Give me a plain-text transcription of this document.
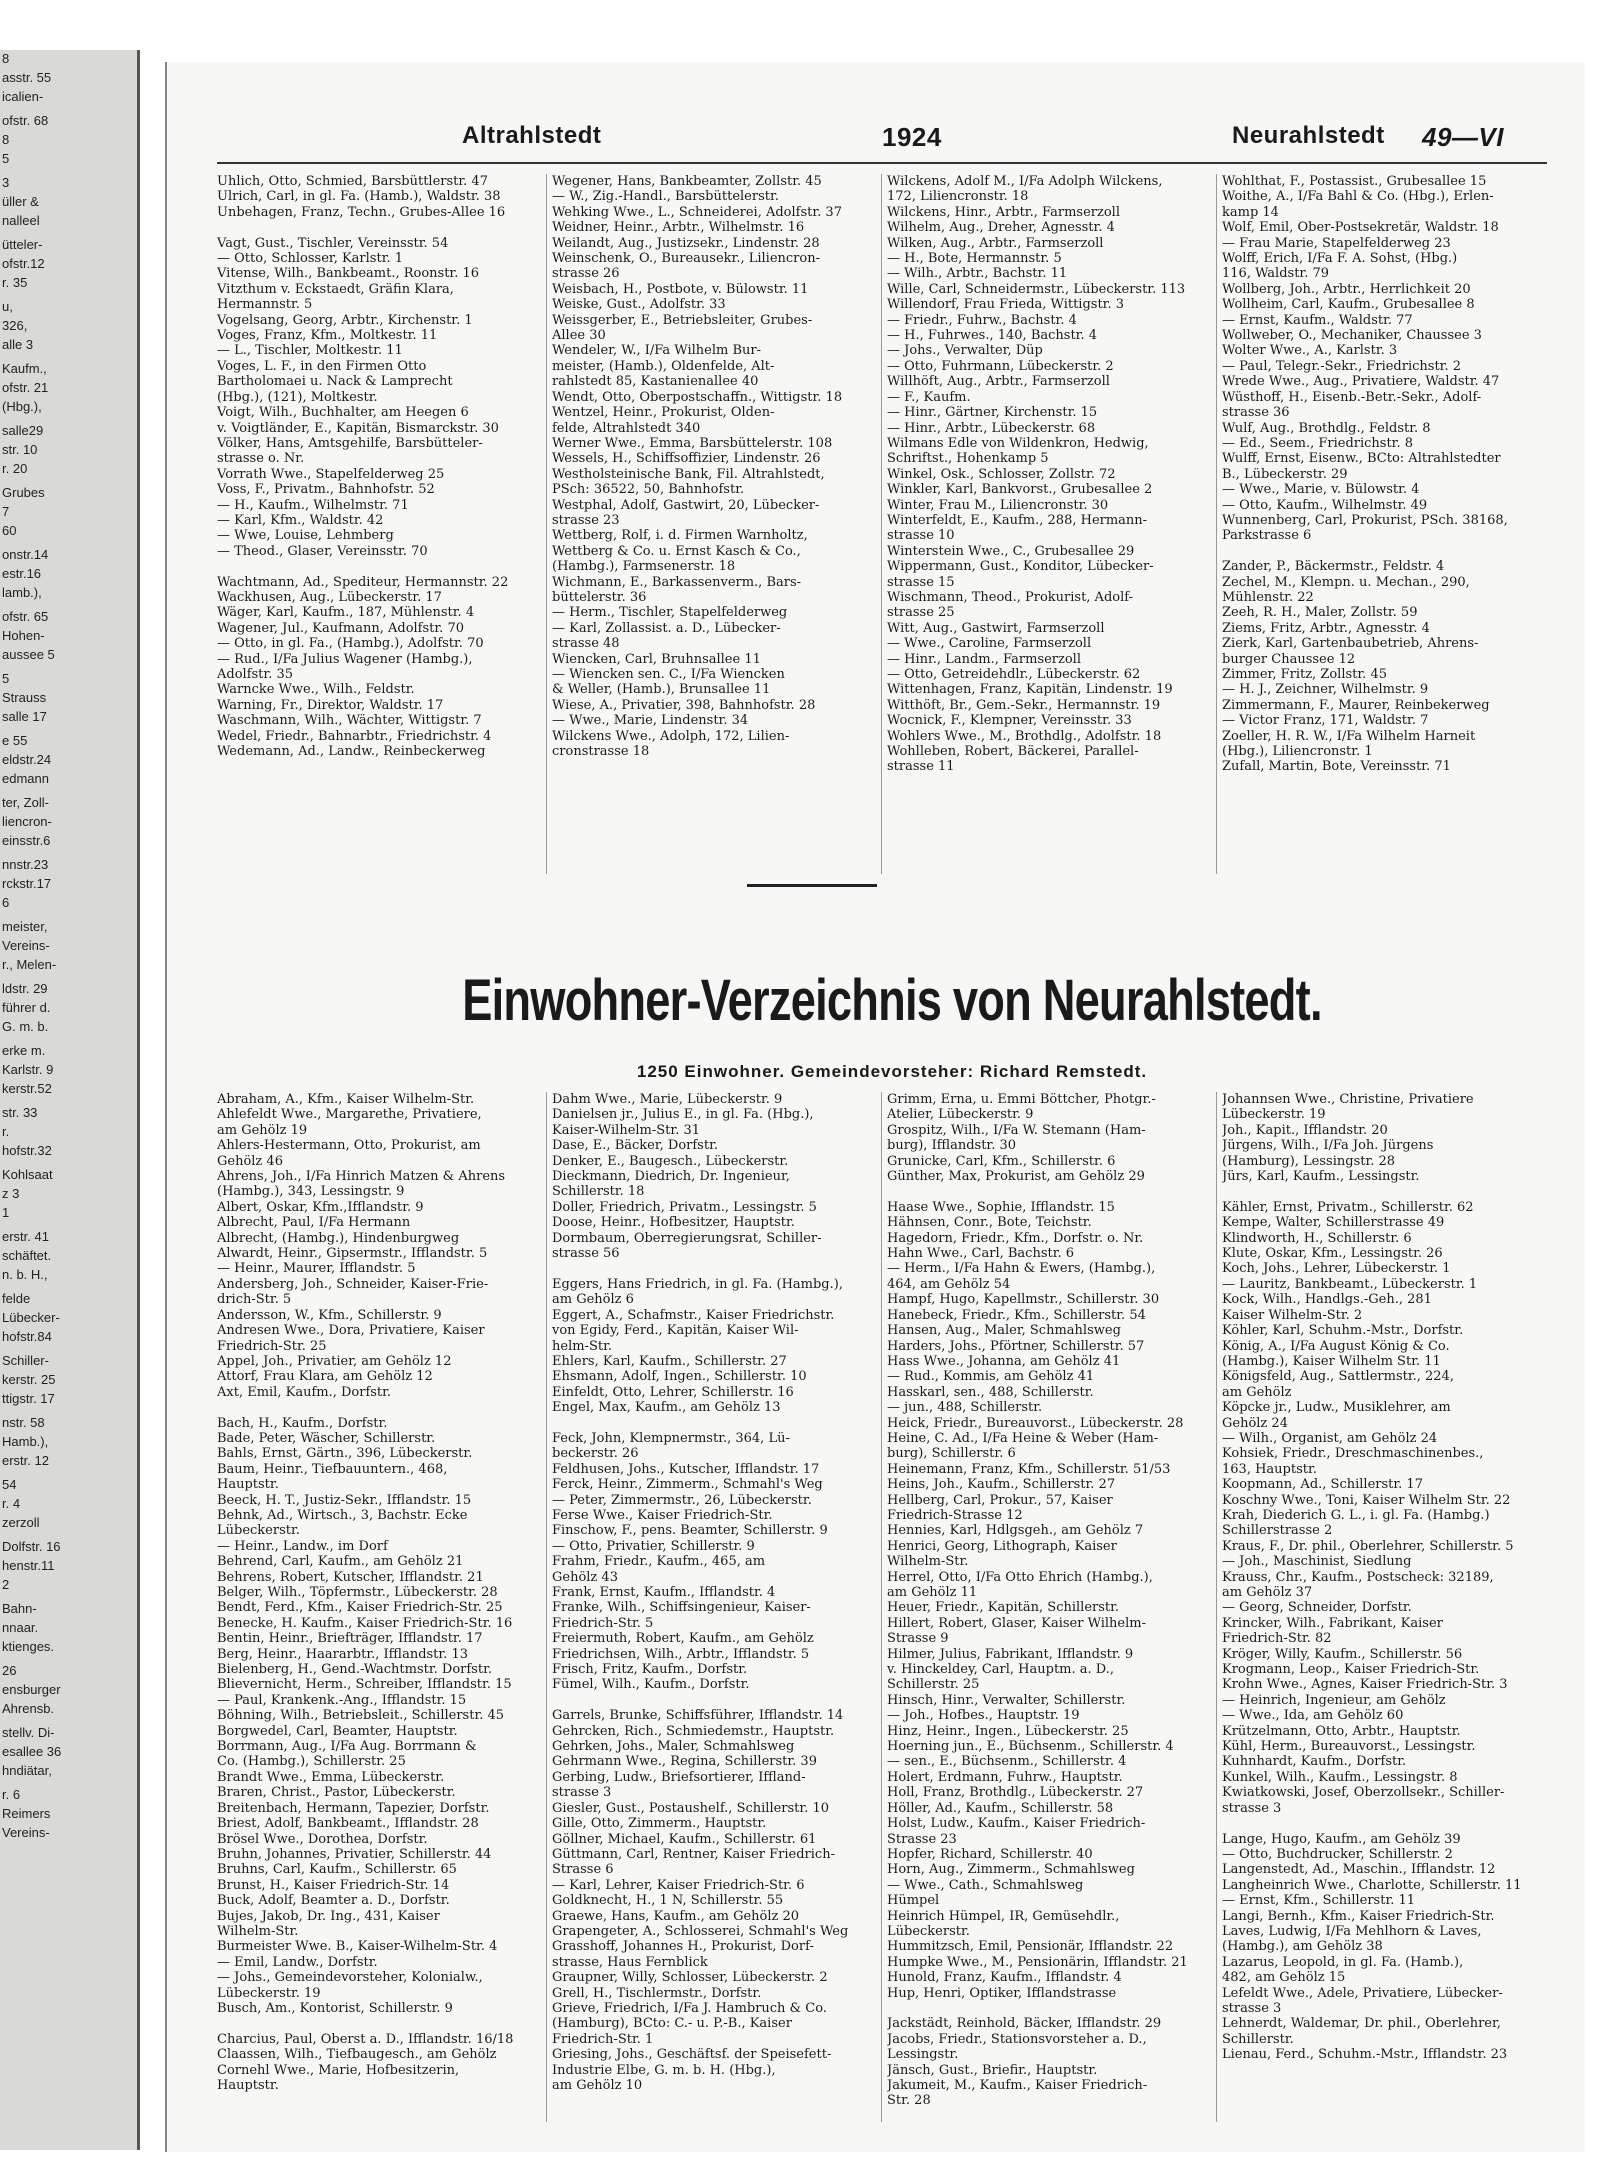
8
asstr. 55
icalien-
ofstr. 68
8
5
3
üller &
nalleel
ütteler-
ofstr.12
r. 35
u,
326,
alle 3
Kaufm.,
ofstr. 21
(Hbg.),
salle29
str. 10
r. 20
Grubes
7
60
onstr.14
estr.16
lamb.),
ofstr. 65
Hohen-
aussee 5
5
Strauss
salle 17
e 55
eldstr.24
edmann
ter, Zoll-
liencron-
einsstr.6
nnstr.23
rckstr.17
6
meister,
Vereins-
r., Melen-
ldstr. 29
führer d.
G. m. b.
erke m.
Karlstr. 9
kerstr.52
str. 33
r.
hofstr.32
Kohlsaat
z 3
1
erstr. 41
schäftet.
n. b. H.,
felde
Lübecker-
hofstr.84
Schiller-
kerstr. 25
ttigstr. 17
nstr. 58
Hamb.),
erstr. 12
54
r. 4
zerzoll
Dolfstr. 16
henstr.11
2
Bahn-
nnaar.
ktienges.
26
ensburger
Ahrensb.
stellv. Di-
esallee 36
hndiätar,
r. 6
Reimers
Vereins-
Altrahlstedt	1924	Neurahlstedt 49—VI
Uhlich, Otto, Schmied, Barsbüttlerstr. 47
Ulrich, Carl, in gl. Fa. (Hamb.), Waldstr. 38
Unbehagen, Franz, Techn., Grubes-Allee 16

Vagt, Gust., Tischler, Vereinsstr. 54
— Otto, Schlosser, Karlstr. 1
Vitense, Wilh., Bankbeamt., Roonstr. 16
Vitzthum v. Eckstaedt, Gräfin Klara,
Hermannstr. 5
Vogelsang, Georg, Arbtr., Kirchenstr. 1
Voges, Franz, Kfm., Moltkestr. 11
— L., Tischler, Moltkestr. 11
Voges, L. F., in den Firmen Otto
Bartholomaei u. Nack & Lamprecht
(Hbg.), (121), Moltkestr.
Voigt, Wilh., Buchhalter, am Heegen 6
v. Voigtländer, E., Kapitän, Bismarckstr. 30
Völker, Hans, Amtsgehilfe, Barsbütteler-
strasse o. Nr.
Vorrath Wwe., Stapelfelderweg 25
Voss, F., Privatm., Bahnhofstr. 52
— H., Kaufm., Wilhelmstr. 71
— Karl, Kfm., Waldstr. 42
— Wwe, Louise, Lehmberg
— Theod., Glaser, Vereinsstr. 70

Wachtmann, Ad., Spediteur, Hermannstr. 22
Wackhusen, Aug., Lübeckerstr. 17
Wäger, Karl, Kaufm., 187, Mühlenstr. 4
Wagener, Jul., Kaufmann, Adolfstr. 70
— Otto, in gl. Fa., (Hambg.), Adolfstr. 70
— Rud., I/Fa Julius Wagener (Hambg.),
Adolfstr. 35
Warncke Wwe., Wilh., Feldstr.
Warning, Fr., Direktor, Waldstr. 17
Waschmann, Wilh., Wächter, Wittigstr. 7
Wedel, Friedr., Bahnarbtr., Friedrichstr. 4
Wedemann, Ad., Landw., Reinbeckerweg
Wegener, Hans, Bankbeamter, Zollstr. 45
— W., Zig.-Handl., Barsbüttelerstr.
Wehking Wwe., L., Schneiderei, Adolfstr. 37
Weidner, Heinr., Arbtr., Wilhelmstr. 16
Weilandt, Aug., Justizsekr., Lindenstr. 28
Weinschenk, O., Bureausekr., Liliencron-
strasse 26
Weisbach, H., Postbote, v. Bülowstr. 11
Weiske, Gust., Adolfstr. 33
Weissgerber, E., Betriebsleiter, Grubes-
Allee 30
Wendeler, W., I/Fa Wilhelm Bur-
meister, (Hamb.), Oldenfelde, Alt-
rahlstedt 85, Kastanienallee 40
Wendt, Otto, Oberpostschaffn., Wittigstr. 18
Wentzel, Heinr., Prokurist, Olden-
felde, Altrahlstedt 340
Werner Wwe., Emma, Barsbüttelerstr. 108
Wessels, H., Schiffsoffizier, Lindenstr. 26
Westholsteinische Bank, Fil. Altrahlstedt,
PSch: 36522, 50, Bahnhofstr.
Westphal, Adolf, Gastwirt, 20, Lübecker-
strasse 23
Wettberg, Rolf, i. d. Firmen Warnholtz,
Wettberg & Co. u. Ernst Kasch & Co.,
(Hambg.), Farmsenerstr. 18
Wichmann, E., Barkassenverm., Bars-
büttelerstr. 36
— Herm., Tischler, Stapelfelderweg
— Karl, Zollassist. a. D., Lübecker-
strasse 48
Wiencken, Carl, Bruhnsallee 11
— Wiencken sen. C., I/Fa Wiencken
& Weller, (Hamb.), Brunsallee 11
Wiese, A., Privatier, 398, Bahnhofstr. 28
— Wwe., Marie, Lindenstr. 34
Wilckens Wwe., Adolph, 172, Lilien-
cronstrasse 18
Wilckens, Adolf M., I/Fa Adolph Wilckens,
172, Liliencronstr. 18
Wilckens, Hinr., Arbtr., Farmserzoll
Wilhelm, Aug., Dreher, Agnesstr. 4
Wilken, Aug., Arbtr., Farmserzoll
— H., Bote, Hermannstr. 5
— Wilh., Arbtr., Bachstr. 11
Wille, Carl, Schneidermstr., Lübeckerstr. 113
Willendorf, Frau Frieda, Wittigstr. 3
— Friedr., Fuhrw., Bachstr. 4
— H., Fuhrwes., 140, Bachstr. 4
— Johs., Verwalter, Düp
— Otto, Fuhrmann, Lübeckerstr. 2
Willhöft, Aug., Arbtr., Farmserzoll
— F., Kaufm.
— Hinr., Gärtner, Kirchenstr. 15
— Hinr., Arbtr., Lübeckerstr. 68
Wilmans Edle von Wildenkron, Hedwig,
Schriftst., Hohenkamp 5
Winkel, Osk., Schlosser, Zollstr. 72
Winkler, Karl, Bankvorst., Grubesallee 2
Winter, Frau M., Liliencronstr. 30
Winterfeldt, E., Kaufm., 288, Hermann-
strasse 10
Winterstein Wwe., C., Grubesallee 29
Wippermann, Gust., Konditor, Lübecker-
strasse 15
Wischmann, Theod., Prokurist, Adolf-
strasse 25
Witt, Aug., Gastwirt, Farmserzoll
— Wwe., Caroline, Farmserzoll
— Hinr., Landm., Farmserzoll
— Otto, Getreidehdlr., Lübeckerstr. 62
Wittenhagen, Franz, Kapitän, Lindenstr. 19
Witthöft, Br., Gem.-Sekr., Hermannstr. 19
Wocnick, F., Klempner, Vereinsstr. 33
Wohlers Wwe., M., Brothdlg., Adolfstr. 18
Wohlleben, Robert, Bäckerei, Parallel-
strasse 11
Wohlthat, F., Postassist., Grubesallee 15
Woithe, A., I/Fa Bahl & Co. (Hbg.), Erlen-
kamp 14
Wolf, Emil, Ober-Postsekretär, Waldstr. 18
— Frau Marie, Stapelfelderweg 23
Wolff, Erich, I/Fa F. A. Sohst, (Hbg.)
116, Waldstr. 79
Wollberg, Joh., Arbtr., Herrlichkeit 20
Wollheim, Carl, Kaufm., Grubesallee 8
— Ernst, Kaufm., Waldstr. 77
Wollweber, O., Mechaniker, Chaussee 3
Wolter Wwe., A., Karlstr. 3
— Paul, Telegr.-Sekr., Friedrichstr. 2
Wrede Wwe., Aug., Privatiere, Waldstr. 47
Wüsthoff, H., Eisenb.-Betr.-Sekr., Adolf-
strasse 36
Wulf, Aug., Brothdlg., Feldstr. 8
— Ed., Seem., Friedrichstr. 8
Wulff, Ernst, Eisenw., BCto: Altrahlstedter
B., Lübeckerstr. 29
— Wwe., Marie, v. Bülowstr. 4
— Otto, Kaufm., Wilhelmstr. 49
Wunnenberg, Carl, Prokurist, PSch. 38168,
Parkstrasse 6

Zander, P., Bäckermstr., Feldstr. 4
Zechel, M., Klempn. u. Mechan., 290,
Mühlenstr. 22
Zeeh, R. H., Maler, Zollstr. 59
Ziems, Fritz, Arbtr., Agnesstr. 4
Zierk, Karl, Gartenbaubetrieb, Ahrens-
burger Chaussee 12
Zimmer, Fritz, Zollstr. 45
— H. J., Zeichner, Wilhelmstr. 9
Zimmermann, F., Maurer, Reinbekerweg
— Victor Franz, 171, Waldstr. 7
Zoeller, H. R. W., I/Fa Wilhelm Harneit
(Hbg.), Liliencronstr. 1
Zufall, Martin, Bote, Vereinsstr. 71
Einwohner-Verzeichnis von Neurahlstedt.
1250 Einwohner. Gemeindevorsteher: Richard Remstedt.
Abraham, A., Kfm., Kaiser Wilhelm-Str.
Ahlefeldt Wwe., Margarethe, Privatiere,
am Gehölz 19
Ahlers-Hestermann, Otto, Prokurist, am
Gehölz 46
Ahrens, Joh., I/Fa Hinrich Matzen & Ahrens
(Hambg.), 343, Lessingstr. 9
Albert, Oskar, Kfm.,Ifflandstr. 9
Albrecht, Paul, I/Fa Hermann
Albrecht, (Hambg.), Hindenburgweg
Alwardt, Heinr., Gipsermstr., Ifflandstr. 5
— Heinr., Maurer, Ifflandstr. 5
Andersberg, Joh., Schneider, Kaiser-Frie-
drich-Str. 5
Andersson, W., Kfm., Schillerstr. 9
Andresen Wwe., Dora, Privatiere, Kaiser
Friedrich-Str. 25
Appel, Joh., Privatier, am Gehölz 12
Attorf, Frau Klara, am Gehölz 12
Axt, Emil, Kaufm., Dorfstr.

Bach, H., Kaufm., Dorfstr.
Bade, Peter, Wäscher, Schillerstr.
Bahls, Ernst, Gärtn., 396, Lübeckerstr.
Baum, Heinr., Tiefbauuntern., 468,
Hauptstr.
Beeck, H. T., Justiz-Sekr., Ifflandstr. 15
Behnk, Ad., Wirtsch., 3, Bachstr. Ecke
Lübeckerstr.
— Heinr., Landw., im Dorf
Behrend, Carl, Kaufm., am Gehölz 21
Behrens, Robert, Kutscher, Ifflandstr. 21
Belger, Wilh., Töpfermstr., Lübeckerstr. 28
Bendt, Ferd., Kfm., Kaiser Friedrich-Str. 25
Benecke, H. Kaufm., Kaiser Friedrich-Str. 16
Bentin, Heinr., Briefträger, Ifflandstr. 17
Berg, Heinr., Haararbtr., Ifflandstr. 13
Bielenberg, H., Gend.-Wachtmstr. Dorfstr.
Blievernicht, Herm., Schreiber, Ifflandstr. 15
— Paul, Krankenk.-Ang., Ifflandstr. 15
Böhning, Wilh., Betriebsleit., Schillerstr. 45
Borgwedel, Carl, Beamter, Hauptstr.
Borrmann, Aug., I/Fa Aug. Borrmann &
Co. (Hambg.), Schillerstr. 25
Brandt Wwe., Emma, Lübeckerstr.
Braren, Christ., Pastor, Lübeckerstr.
Breitenbach, Hermann, Tapezier, Dorfstr.
Briest, Adolf, Bankbeamt., Ifflandstr. 28
Brösel Wwe., Dorothea, Dorfstr.
Bruhn, Johannes, Privatier, Schillerstr. 44
Bruhns, Carl, Kaufm., Schillerstr. 65
Brunst, H., Kaiser Friedrich-Str. 14
Buck, Adolf, Beamter a. D., Dorfstr.
Bujes, Jakob, Dr. Ing., 431, Kaiser
Wilhelm-Str.
Burmeister Wwe. B., Kaiser-Wilhelm-Str. 4
— Emil, Landw., Dorfstr.
— Johs., Gemeindevorsteher, Kolonialw.,
Lübeckerstr. 19
Busch, Am., Kontorist, Schillerstr. 9

Charcius, Paul, Oberst a. D., Ifflandstr. 16/18
Claassen, Wilh., Tiefbaugesch., am Gehölz
Cornehl Wwe., Marie, Hofbesitzerin,
Hauptstr.
Dahm Wwe., Marie, Lübeckerstr. 9
Danielsen jr., Julius E., in gl. Fa. (Hbg.),
Kaiser-Wilhelm-Str. 31
Dase, E., Bäcker, Dorfstr.
Denker, E., Baugesch., Lübeckerstr.
Dieckmann, Diedrich, Dr. Ingenieur,
Schillerstr. 18
Doller, Friedrich, Privatm., Lessingstr. 5
Doose, Heinr., Hofbesitzer, Hauptstr.
Dormbaum, Oberregierungsrat, Schiller-
strasse 56

Eggers, Hans Friedrich, in gl. Fa. (Hambg.),
am Gehölz 6
Eggert, A., Schafmstr., Kaiser Friedrichstr.
von Egidy, Ferd., Kapitän, Kaiser Wil-
helm-Str.
Ehlers, Karl, Kaufm., Schillerstr. 27
Ehsmann, Adolf, Ingen., Schillerstr. 10
Einfeldt, Otto, Lehrer, Schillerstr. 16
Engel, Max, Kaufm., am Gehölz 13

Feck, John, Klempnermstr., 364, Lü-
beckerstr. 26
Feldhusen, Johs., Kutscher, Ifflandstr. 17
Ferck, Heinr., Zimmerm., Schmahl's Weg
— Peter, Zimmermstr., 26, Lübeckerstr.
Ferse Wwe., Kaiser Friedrich-Str.
Finschow, F., pens. Beamter, Schillerstr. 9
— Otto, Privatier, Schillerstr. 9
Frahm, Friedr., Kaufm., 465, am
Gehölz 43
Frank, Ernst, Kaufm., Ifflandstr. 4
Franke, Wilh., Schiffsingenieur, Kaiser-
Friedrich-Str. 5
Freiermuth, Robert, Kaufm., am Gehölz
Friedrichsen, Wilh., Arbtr., Ifflandstr. 5
Frisch, Fritz, Kaufm., Dorfstr.
Fümel, Wilh., Kaufm., Dorfstr.

Garrels, Brunke, Schiffsführer, Ifflandstr. 14
Gehrcken, Rich., Schmiedemstr., Hauptstr.
Gehrken, Johs., Maler, Schmahlsweg
Gehrmann Wwe., Regina, Schillerstr. 39
Gerbing, Ludw., Briefsortierer, Iffland-
strasse 3
Giesler, Gust., Postaushelf., Schillerstr. 10
Gille, Otto, Zimmerm., Hauptstr.
Göllner, Michael, Kaufm., Schillerstr. 61
Güttmann, Carl, Rentner, Kaiser Friedrich-
Strasse 6
— Karl, Lehrer, Kaiser Friedrich-Str. 6
Goldknecht, H., 1 N, Schillerstr. 55
Graewe, Hans, Kaufm., am Gehölz 20
Grapengeter, A., Schlosserei, Schmahl's Weg
Grasshoff, Johannes H., Prokurist, Dorf-
strasse, Haus Fernblick
Graupner, Willy, Schlosser, Lübeckerstr. 2
Grell, H., Tischlermstr., Dorfstr.
Grieve, Friedrich, I/Fa J. Hambruch & Co.
(Hamburg), BCto: C.- u. P.-B., Kaiser
Friedrich-Str. 1
Griesing, Johs., Geschäftsf. der Speisefett-
Industrie Elbe, G. m. b. H. (Hbg.),
am Gehölz 10
Grimm, Erna, u. Emmi Böttcher, Photgr.-
Atelier, Lübeckerstr. 9
Grospitz, Wilh., I/Fa W. Stemann (Ham-
burg), Ifflandstr. 30
Grunicke, Carl, Kfm., Schillerstr. 6
Günther, Max, Prokurist, am Gehölz 29

Haase Wwe., Sophie, Ifflandstr. 15
Hähnsen, Conr., Bote, Teichstr.
Hagedorn, Friedr., Kfm., Dorfstr. o. Nr.
Hahn Wwe., Carl, Bachstr. 6
— Herm., I/Fa Hahn & Ewers, (Hambg.),
464, am Gehölz 54
Hampf, Hugo, Kapellmstr., Schillerstr. 30
Hanebeck, Friedr., Kfm., Schillerstr. 54
Hansen, Aug., Maler, Schmahlsweg
Harders, Johs., Pförtner, Schillerstr. 57
Hass Wwe., Johanna, am Gehölz 41
— Rud., Kommis, am Gehölz 41
Hasskarl, sen., 488, Schillerstr.
— jun., 488, Schillerstr.
Heick, Friedr., Bureauvorst., Lübeckerstr. 28
Heine, C. Ad., I/Fa Heine & Weber (Ham-
burg), Schillerstr. 6
Heinemann, Franz, Kfm., Schillerstr. 51/53
Heins, Joh., Kaufm., Schillerstr. 27
Hellberg, Carl, Prokur., 57, Kaiser
Friedrich-Strasse 12
Hennies, Karl, Hdlgsgeh., am Gehölz 7
Henrici, Georg, Lithograph, Kaiser
Wilhelm-Str.
Herrel, Otto, I/Fa Otto Ehrich (Hambg.),
am Gehölz 11
Heuer, Friedr., Kapitän, Schillerstr.
Hillert, Robert, Glaser, Kaiser Wilhelm-
Strasse 9
Hilmer, Julius, Fabrikant, Ifflandstr. 9
v. Hinckeldey, Carl, Hauptm. a. D.,
Schillerstr. 25
Hinsch, Hinr., Verwalter, Schillerstr.
— Joh., Hofbes., Hauptstr. 19
Hinz, Heinr., Ingen., Lübeckerstr. 25
Hoerning jun., E., Büchsenm., Schillerstr. 4
— sen., E., Büchsenm., Schillerstr. 4
Holert, Erdmann, Fuhrw., Hauptstr.
Holl, Franz, Brothdlg., Lübeckerstr. 27
Höller, Ad., Kaufm., Schillerstr. 58
Holst, Ludw., Kaufm., Kaiser Friedrich-
Strasse 23
Hopfer, Richard, Schillerstr. 40
Horn, Aug., Zimmerm., Schmahlsweg
— Wwe., Cath., Schmahlsweg
Hümpel
Heinrich Hümpel, IR, Gemüsehdlr.,
Lübeckerstr.
Hummitzsch, Emil, Pensionär, Ifflandstr. 22
Humpke Wwe., M., Pensionärin, Ifflandstr. 21
Hunold, Franz, Kaufm., Ifflandstr. 4
Hup, Henri, Optiker, Ifflandstrasse

Jackstädt, Reinhold, Bäcker, Ifflandstr. 29
Jacobs, Friedr., Stationsvorsteher a. D.,
Lessingstr.
Jänsch, Gust., Briefir., Hauptstr.
Jakumeit, M., Kaufm., Kaiser Friedrich-
Str. 28
Johannsen Wwe., Christine, Privatiere
Lübeckerstr. 19
Joh., Kapit., Ifflandstr. 20
Jürgens, Wilh., I/Fa Joh. Jürgens
(Hamburg), Lessingstr. 28
Jürs, Karl, Kaufm., Lessingstr.

Kähler, Ernst, Privatm., Schillerstr. 62
Kempe, Walter, Schillerstrasse 49
Klindworth, H., Schillerstr. 6
Klute, Oskar, Kfm., Lessingstr. 26
Koch, Johs., Lehrer, Lübeckerstr. 1
— Lauritz, Bankbeamt., Lübeckerstr. 1
Kock, Wilh., Handlgs.-Geh., 281
Kaiser Wilhelm-Str. 2
Köhler, Karl, Schuhm.-Mstr., Dorfstr.
König, A., I/Fa August König & Co.
(Hambg.), Kaiser Wilhelm Str. 11
Königsfeld, Aug., Sattlermstr., 224,
am Gehölz
Köpcke jr., Ludw., Musiklehrer, am
Gehölz 24
— Wilh., Organist, am Gehölz 24
Kohsiek, Friedr., Dreschmaschinenbes.,
163, Hauptstr.
Koopmann, Ad., Schillerstr. 17
Koschny Wwe., Toni, Kaiser Wilhelm Str. 22
Krah, Diederich G. L., i. gl. Fa. (Hambg.)
Schillerstrasse 2
Kraus, F., Dr. phil., Oberlehrer, Schillerstr. 5
— Joh., Maschinist, Siedlung
Krauss, Chr., Kaufm., Postscheck: 32189,
am Gehölz 37
— Georg, Schneider, Dorfstr.
Krincker, Wilh., Fabrikant, Kaiser
Friedrich-Str. 82
Kröger, Willy, Kaufm., Schillerstr. 56
Krogmann, Leop., Kaiser Friedrich-Str.
Krohn Wwe., Agnes, Kaiser Friedrich-Str. 3
— Heinrich, Ingenieur, am Gehölz
— Wwe., Ida, am Gehölz 60
Krützelmann, Otto, Arbtr., Hauptstr.
Kühl, Herm., Bureauvorst., Lessingstr.
Kuhnhardt, Kaufm., Dorfstr.
Kunkel, Wilh., Kaufm., Lessingstr. 8
Kwiatkowski, Josef, Oberzollsekr., Schiller-
strasse 3

Lange, Hugo, Kaufm., am Gehölz 39
— Otto, Buchdrucker, Schillerstr. 2
Langenstedt, Ad., Maschin., Ifflandstr. 12
Langheinrich Wwe., Charlotte, Schillerstr. 11
— Ernst, Kfm., Schillerstr. 11
Langi, Bernh., Kfm., Kaiser Friedrich-Str.
Laves, Ludwig, I/Fa Mehlhorn & Laves,
(Hambg.), am Gehölz 38
Lazarus, Leopold, in gl. Fa. (Hamb.),
482, am Gehölz 15
Lefeldt Wwe., Adele, Privatiere, Lübecker-
strasse 3
Lehnerdt, Waldemar, Dr. phil., Oberlehrer,
Schillerstr.
Lienau, Ferd., Schuhm.-Mstr., Ifflandstr. 23
